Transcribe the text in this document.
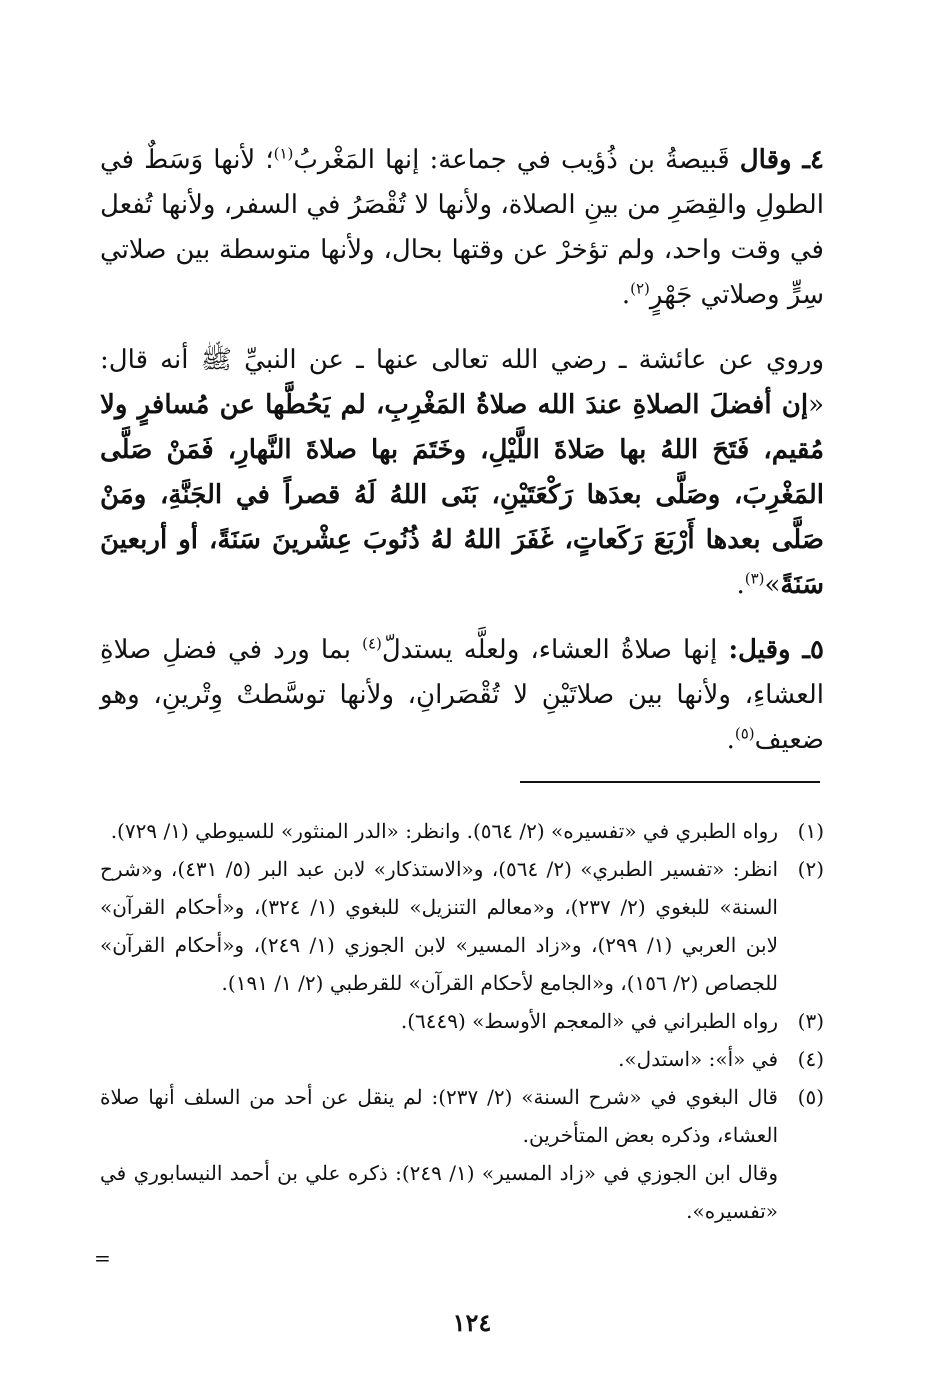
٤ـ وقال قَبيصةُ بن ذُؤيب في جماعة: إنها المَغْربُ$^{(١)}$؛ لأنها وَسَطٌ في الطولِ والقِصَرِ من بينِ الصلاة، ولأنها لا تُقْصَرُ في السفر، ولأنها تُفعل في وقت واحد، ولم تؤخرْ عن وقتها بحال، ولأنها متوسطة بين صلاتي سِرٍّ وصلاتي جَهْرٍ$^{(٢)}$.

وروي عن عائشة ـ رضي الله تعالى عنها ـ عن النبيِّ ﷺ أنه قال: «إن أفضلَ الصلاةِ عندَ الله صلاةُ المَغْرِبِ، لم يَحُطَّها عن مُسافرٍ ولا مُقيم، فَتَحَ اللهُ بها صَلاةَ اللَّيْلِ، وخَتَمَ بها صلاةَ النَّهارِ، فَمَنْ صَلَّى المَغْرِبَ، وصَلَّى بعدَها رَكْعَتَيْنِ، بَنَى اللهُ لَهُ قصراً في الجَنَّةِ، ومَنْ صَلَّى بعدها أَرْبَعَ رَكَعاتٍ، غَفَرَ اللهُ لهُ ذُنُوبَ عِشْرينَ سَنَةً، أو أربعينَ سَنَةً»$^{(٣)}$.

٥ـ وقيل: إنها صلاةُ العشاء، ولعلَّه يستدلّ$^{(٤)}$ بما ورد في فضلِ صلاةِ العشاءِ، ولأنها بين صلاتَيْنِ لا تُقْصَرانِ، ولأنها توسَّطتْ وِتْرينِ، وهو ضعيف$^{(٥)}$.

(١)

رواه الطبري في «تفسيره» (٢/ ٥٦٤). وانظر: «الدر المنثور» للسيوطي (١/ ٧٢٩).

(٢)

انظر: «تفسير الطبري» (٢/ ٥٦٤)، و«الاستذكار» لابن عبد البر (٥/ ٤٣١)، و«شرح السنة» للبغوي (٢/ ٢٣٧)، و«معالم التنزيل» للبغوي (١/ ٣٢٤)، و«أحكام القرآن» لابن العربي (١/ ٢٩٩)، و«زاد المسير» لابن الجوزي (١/ ٢٤٩)، و«أحكام القرآن» للجصاص (٢/ ١٥٦)، و«الجامع لأحكام القرآن» للقرطبي (٢/ ١/ ١٩١).

(٣)

رواه الطبراني في «المعجم الأوسط» (٦٤٤٩).

(٤)

في «أ»: «استدل».

(٥)

قال البغوي في «شرح السنة» (٢/ ٢٣٧): لم ينقل عن أحد من السلف أنها صلاة العشاء، وذكره بعض المتأخرين.

وقال ابن الجوزي في «زاد المسير» (١/ ٢٤٩): ذكره علي بن أحمد النيسابوري في «تفسيره».

=
١٢٤
